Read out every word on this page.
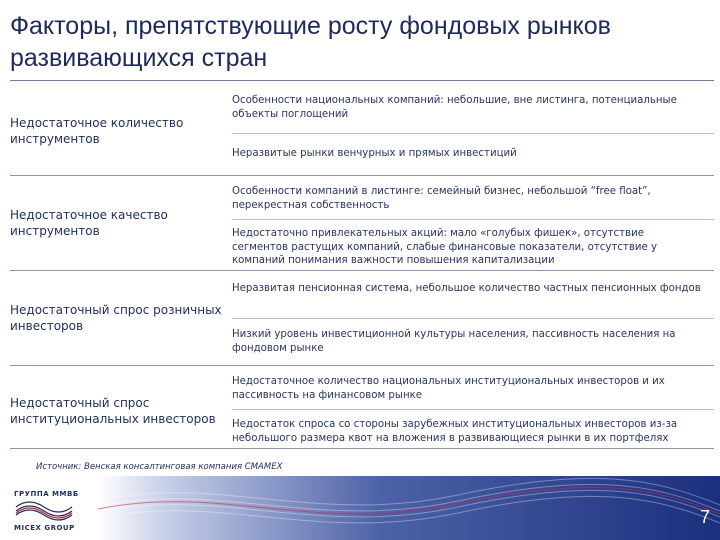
Факторы, препятствующие росту фондовых рынков развивающихся стран
Недостаточное количество инструментов
Особенности национальных компаний: небольшие, вне листинга, потенциальные объекты поглощений
Неразвитые рынки венчурных и прямых инвестиций
Недостаточное качество инструментов
Особенности компаний в листинге: семейный бизнес, небольшой “free float”, перекрестная собственность
Недостаточно привлекательных акций: мало «голубых фишек», отсутствие сегментов растущих компаний, слабые финансовые показатели, отсутствие у компаний понимания важности повышения капитализации
Недостаточный спрос розничных инвесторов
Неразвитая пенсионная система, небольшое количество частных пенсионных фондов
Низкий уровень инвестиционной культуры населения, пассивность населения на фондовом рынке
Недостаточный спрос институциональных инвесторов
Недостаточное количество национальных институциональных инвесторов и их пассивность на финансовом рынке
Недостаток спроса со стороны зарубежных институциональных инвесторов из-за небольшого размера квот на вложения в развивающиеся рынки в их портфелях
Источник: Венская консалтинговая компания CMAMEX
ГРУППА ММВБ
MICEX GROUP
7
